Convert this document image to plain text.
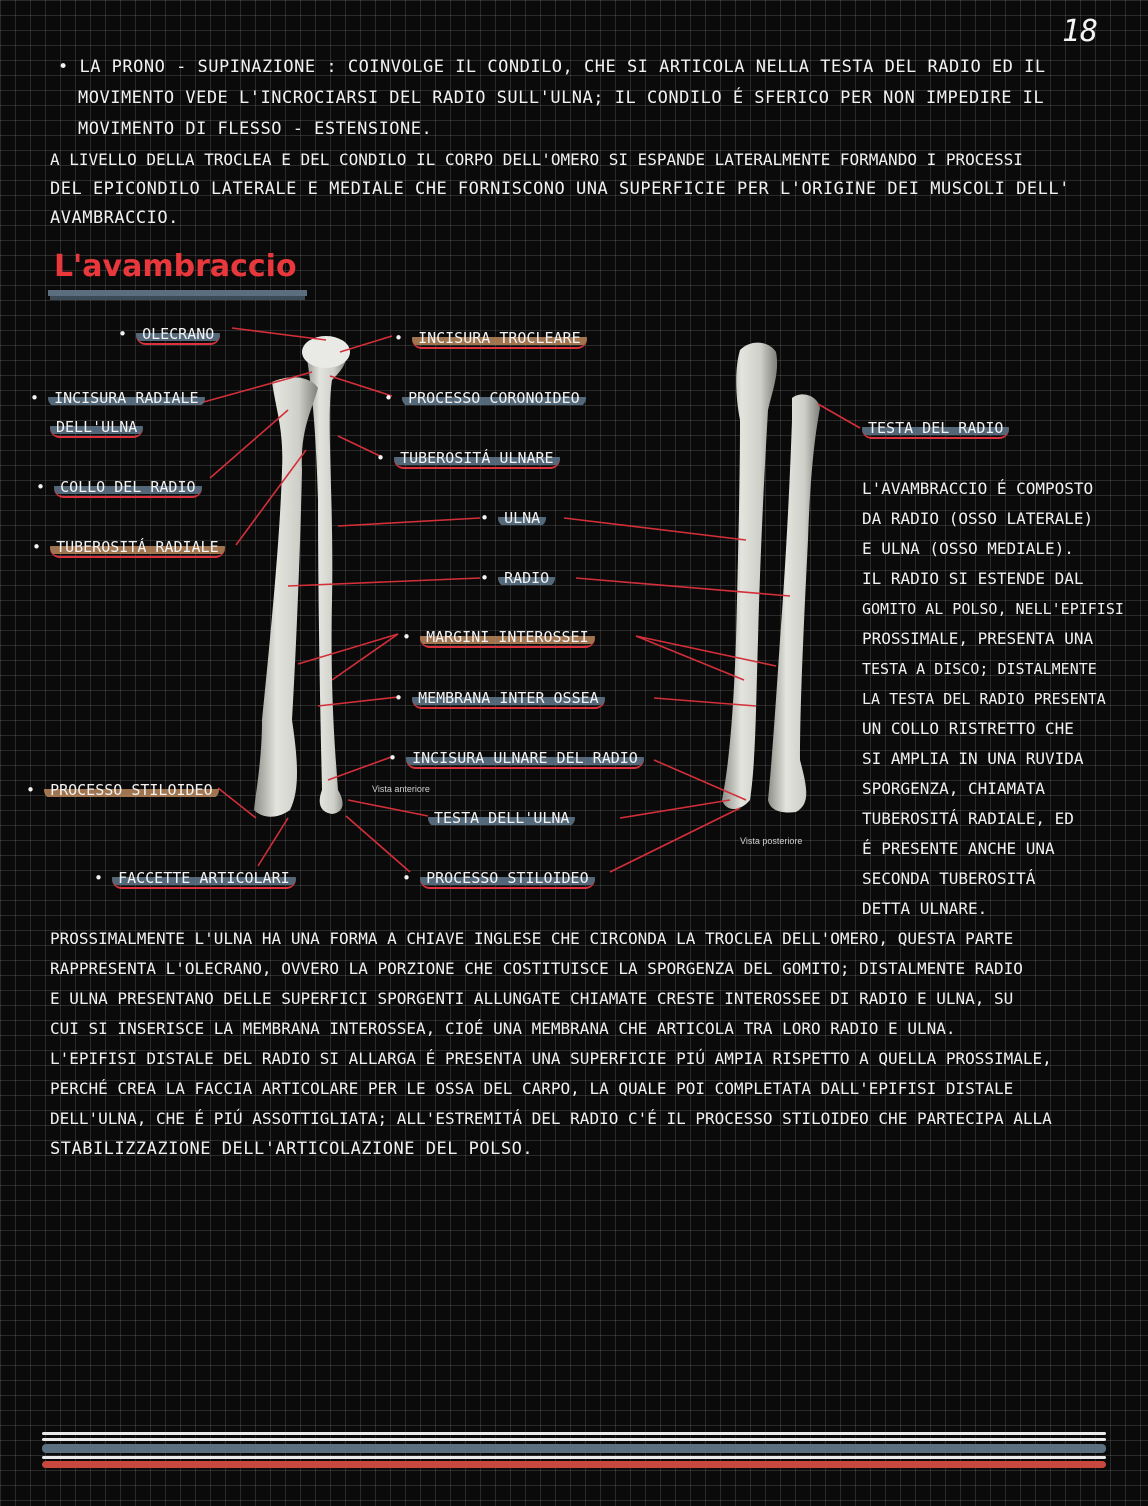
18
• LA PRONO - SUPINAZIONE : COINVOLGE IL CONDILO, CHE SI ARTICOLA NELLA TESTA DEL RADIO ED IL
MOVIMENTO VEDE L'INCROCIARSI DEL RADIO SULL'ULNA; IL CONDILO É SFERICO PER NON IMPEDIRE IL
MOVIMENTO DI FLESSO - ESTENSIONE.
A LIVELLO DELLA TROCLEA E DEL CONDILO IL CORPO DELL'OMERO SI ESPANDE LATERALMENTE FORMANDO I PROCESSI
DEL EPICONDILO LATERALE E MEDIALE CHE FORNISCONO UNA SUPERFICIE PER L'ORIGINE DEI MUSCOLI DELL'
AVAMBRACCIO.
L'avambraccio
Vista anteriore
Vista posteriore
• OLECRANO
• INCISURA RADIALE
DELL'ULNA
• COLLO DEL RADIO
• TUBEROSITÁ RADIALE
• PROCESSO STILOIDEO
• FACCETTE ARTICOLARI
• INCISURA TROCLEARE
• PROCESSO CORONOIDEO
• TUBEROSITÁ ULNARE
• ULNA
• RADIO
• MARGINI INTEROSSEI
• MEMBRANA INTER OSSEA
• INCISURA ULNARE DEL RADIO
TESTA DELL'ULNA
• PROCESSO STILOIDEO
TESTA DEL RADIO
L'AVAMBRACCIO É COMPOSTO
DA RADIO (OSSO LATERALE)
E ULNA (OSSO MEDIALE).
IL RADIO SI ESTENDE DAL
GOMITO AL POLSO, NELL'EPIFISI
PROSSIMALE, PRESENTA UNA
TESTA A DISCO; DISTALMENTE
LA TESTA DEL RADIO PRESENTA
UN COLLO RISTRETTO CHE
SI AMPLIA IN UNA RUVIDA
SPORGENZA, CHIAMATA
TUBEROSITÁ RADIALE, ED
É PRESENTE ANCHE UNA
SECONDA TUBEROSITÁ
DETTA ULNARE.
PROSSIMALMENTE L'ULNA HA UNA FORMA A CHIAVE INGLESE CHE CIRCONDA LA TROCLEA DELL'OMERO, QUESTA PARTE
RAPPRESENTA L'OLECRANO, OVVERO LA PORZIONE CHE COSTITUISCE LA SPORGENZA DEL GOMITO; DISTALMENTE RADIO
E ULNA PRESENTANO DELLE SUPERFICI SPORGENTI ALLUNGATE CHIAMATE CRESTE INTEROSSEE DI RADIO E ULNA, SU
CUI SI INSERISCE LA MEMBRANA INTEROSSEA, CIOÉ UNA MEMBRANA CHE ARTICOLA TRA LORO RADIO E ULNA.
L'EPIFISI DISTALE DEL RADIO SI ALLARGA É PRESENTA UNA SUPERFICIE PIÚ AMPIA RISPETTO A QUELLA PROSSIMALE,
PERCHÉ CREA LA FACCIA ARTICOLARE PER LE OSSA DEL CARPO, LA QUALE POI COMPLETATA DALL'EPIFISI DISTALE
DELL'ULNA, CHE É PIÚ ASSOTTIGLIATA; ALL'ESTREMITÁ DEL RADIO C'É IL PROCESSO STILOIDEO CHE PARTECIPA ALLA
STABILIZZAZIONE DELL'ARTICOLAZIONE DEL POLSO.
